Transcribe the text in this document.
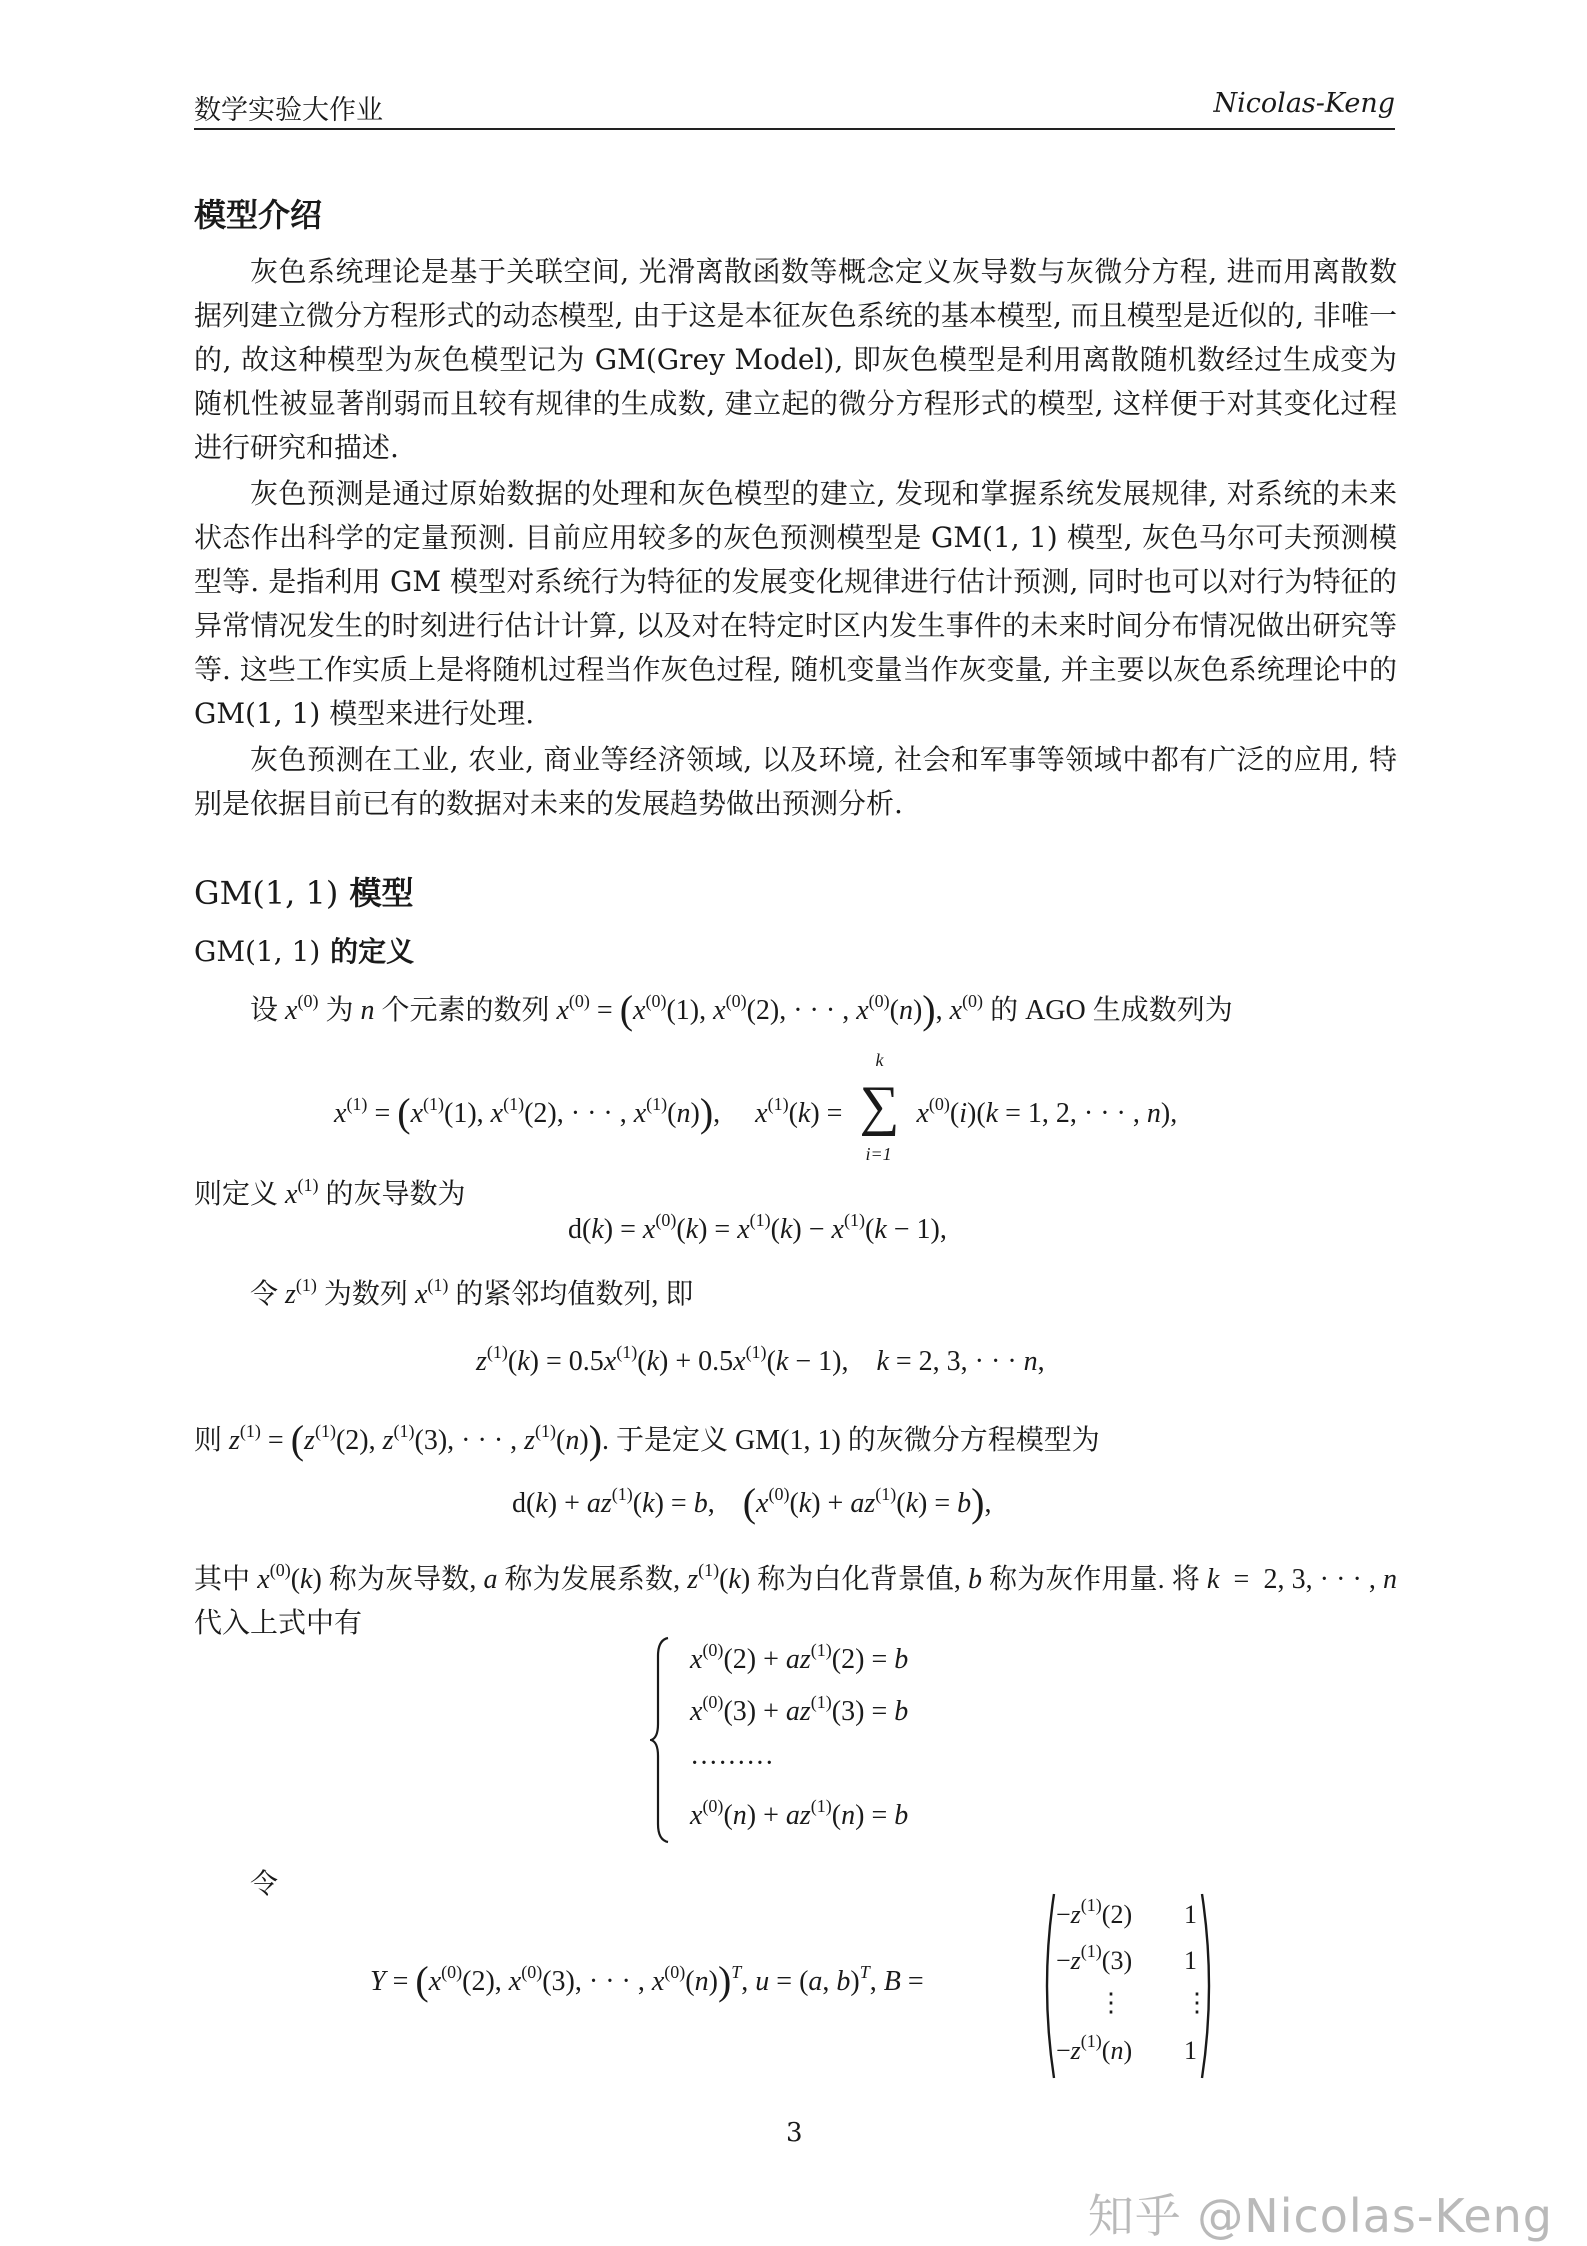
数学实验大作业	Nicolas-Keng
模型介绍
灰色系统理论是基于关联空间, 光滑离散函数等概念定义灰导数与灰微分方程, 进而用离散数据列建立微分方程形式的动态模型, 由于这是本征灰色系统的基本模型, 而且模型是近似的, 非唯一的, 故这种模型为灰色模型记为 GM(Grey Model), 即灰色模型是利用离散随机数经过生成变为随机性被显著削弱而且较有规律的生成数, 建立起的微分方程形式的模型, 这样便于对其变化过程进行研究和描述.
灰色预测是通过原始数据的处理和灰色模型的建立, 发现和掌握系统发展规律, 对系统的未来状态作出科学的定量预测. 目前应用较多的灰色预测模型是 GM(1, 1) 模型, 灰色马尔可夫预测模型等. 是指利用 GM 模型对系统行为特征的发展变化规律进行估计预测, 同时也可以对行为特征的异常情况发生的时刻进行估计计算, 以及对在特定时区内发生事件的未来时间分布情况做出研究等等. 这些工作实质上是将随机过程当作灰色过程, 随机变量当作灰变量, 并主要以灰色系统理论中的 GM(1, 1) 模型来进行处理.
灰色预测在工业, 农业, 商业等经济领域, 以及环境, 社会和军事等领域中都有广泛的应用, 特别是依据目前已有的数据对未来的发展趋势做出预测分析.
GM(1, 1) 模型
GM(1, 1) 的定义
设 $x^{(0)}$ 为 n 个元素的数列 $x^{(0)} = (x^{(0)}(1)$, $x^{(0)}(2)$, · · · , $x^{(0)}(n)$), $x^{(0)}$ 的 AGO 生成数列为
$x^{(1)} = (x^{(1)}(1)$, $x^{(1)}(2)$, · · · , $x^{(1)}(n)$),     $x^{(1)}(k)$ = ∑
k
i=1
$x^{(0)}(i)(k = 1$, 2, · · · , n),
则定义 $x^{(1)}$ 的灰导数为
$d(k) = x^{(0)}(k) = x^{(1)}(k) - x^{(1)}(k - 1)$,
令 $z^{(1)}$ 为数列 $x^{(1)}$ 的紧邻均值数列, 即
$z^{(1)}(k) = 0.5x^{(1)}(k) + 0.5x^{(1)}(k - 1)$,    k = 2, 3, · · · n,
则 $z^{(1)} = (z^{(1)}(2)$, $z^{(1)}(3)$, · · · , $z^{(1)}(n)$). 于是定义 GM(1, 1) 的灰微分方程模型为
$d(k) + az^{(1)}(k) = b$,    $(x^{(0)}(k) + az^{(1)}(k) = b)$,
其中 $x^{(0)}(k)$ 称为灰导数, a 称为发展系数, $z^{(1)}(k)$ 称为白化背景值, b 称为灰作用量. 将 k  =  2, 3, · · · , n 代入上式中有
$x^{(0)}(2) + az^{(1)}(2) = b$
$x^{(0)}(3) + az^{(1)}(3) = b$
·········
$x^{(0)}(n) + az^{(1)}(n) = b$
令
$Y = (x^{(0)}(2)$, $x^{(0)}(3)$, · · · , $x^{(0)}(n))^T$, u = (a, b)$^T$, B =
$-z^{(1)}(2)$ 1
$-z^{(1)}(3)$ 1
⋮ ⋮
$-z^{(1)}(n)$ 1
3
知乎 @Nicolas-Keng
